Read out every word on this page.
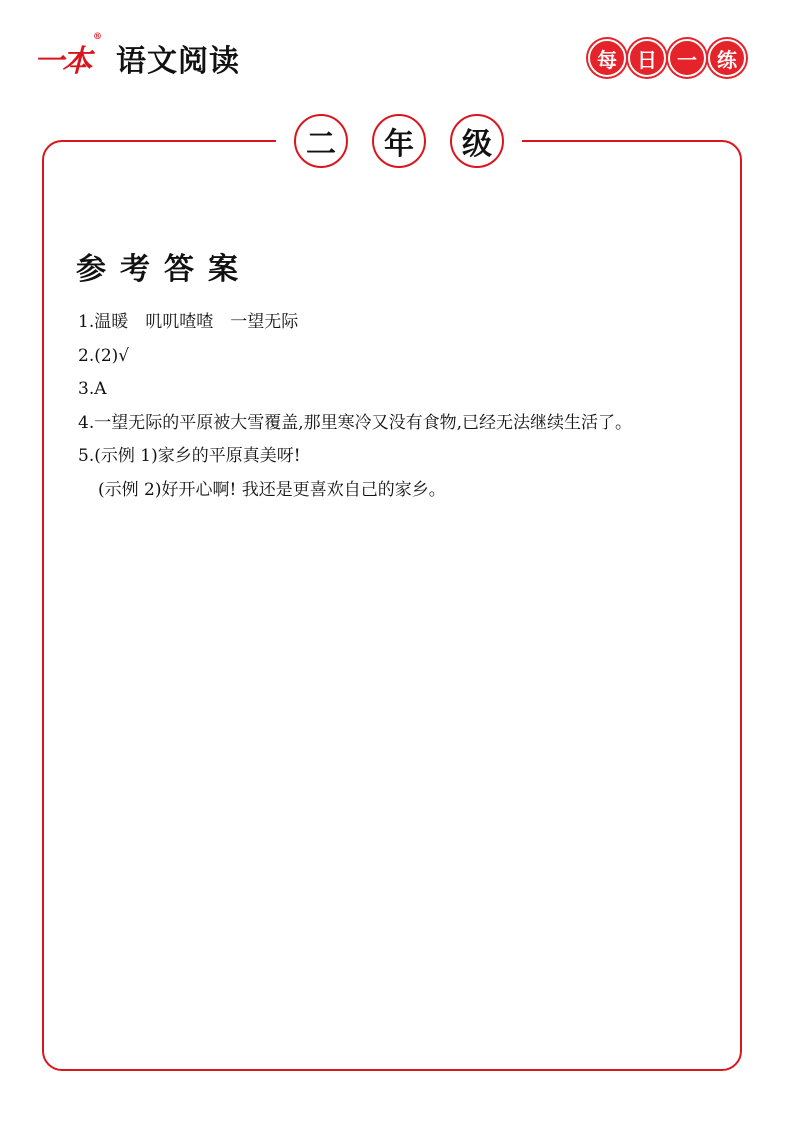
一本
®
语文阅读	每	日	一	练
二	年	级
参考答案
1.温暖　叽叽喳喳　一望无际
2.(2)√
3.A
4.一望无际的平原被大雪覆盖,那里寒冷又没有食物,已经无法继续生活了。
5.(示例 1)家乡的平原真美呀!
(示例 2)好开心啊! 我还是更喜欢自己的家乡。
